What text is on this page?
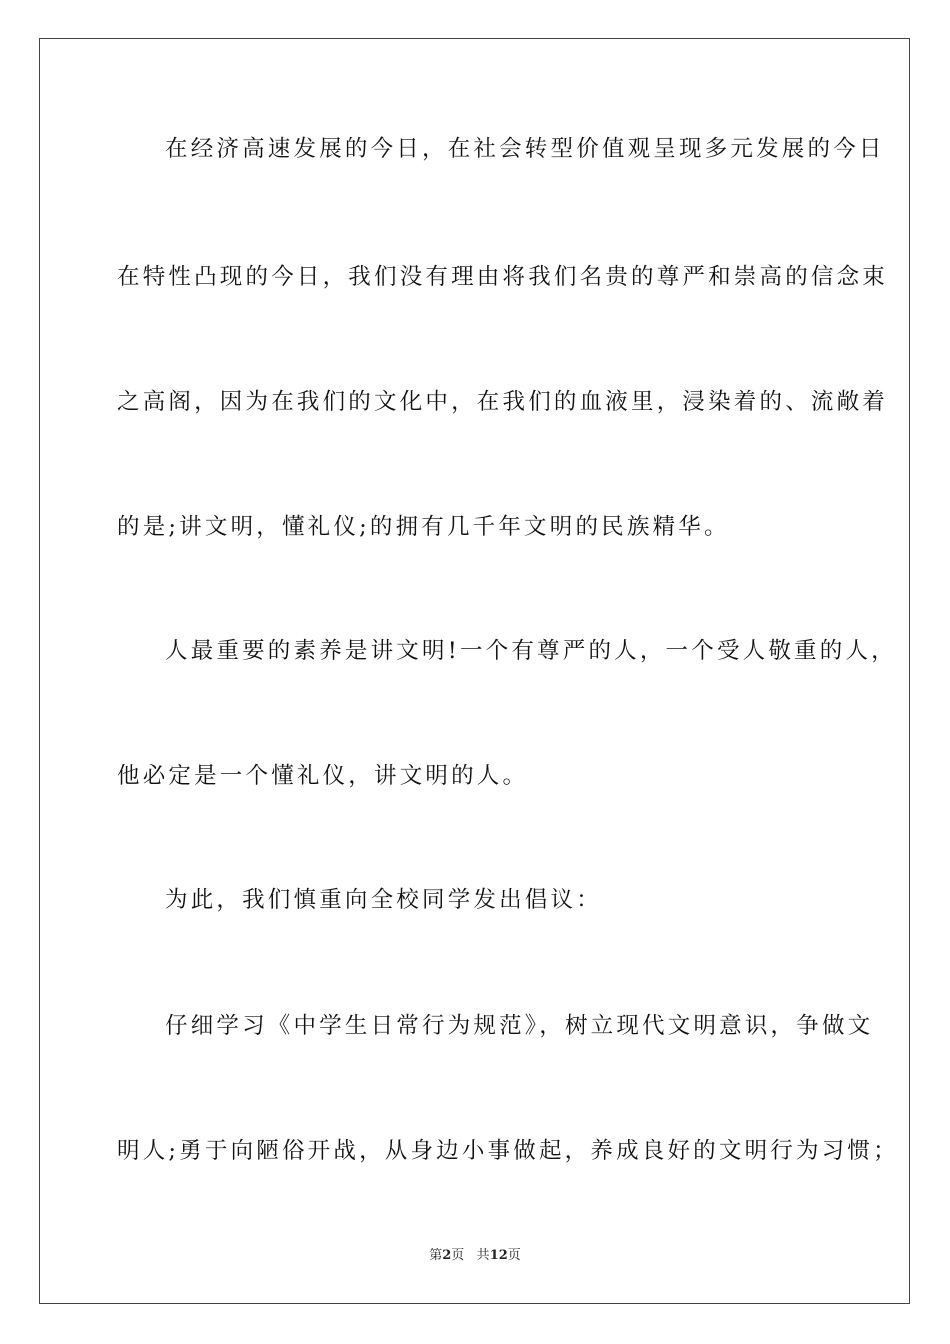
在经济高速发展的今日，在社会转型价值观呈现多元发展的今日
在特性凸现的今日，我们没有理由将我们名贵的尊严和崇高的信念束
之高阁，因为在我们的文化中，在我们的血液里，浸染着的、流敞着
的是;讲文明，懂礼仪;的拥有几千年文明的民族精华。
人最重要的素养是讲文明!一个有尊严的人，一个受人敬重的人，
他必定是一个懂礼仪，讲文明的人。
为此，我们慎重向全校同学发出倡议：
仔细学习《中学生日常行为规范》，树立现代文明意识，争做文
明人;勇于向陋俗开战，从身边小事做起，养成良好的文明行为习惯；
第2页 共12页
